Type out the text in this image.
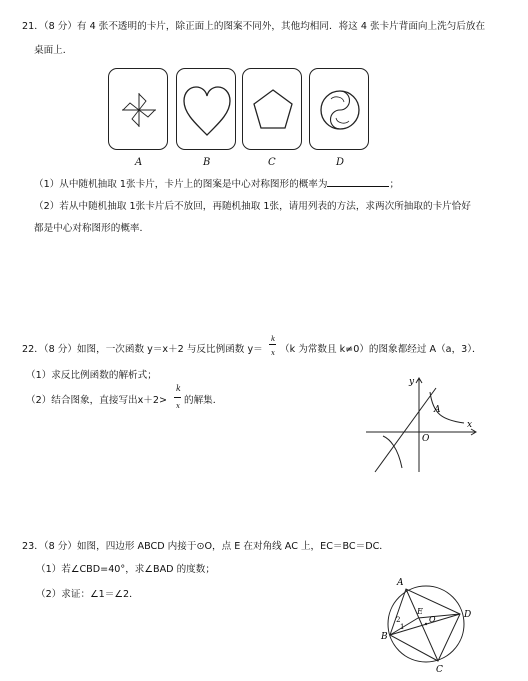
21．（8 分）有 4 张不透明的卡片，除正面上的图案不同外，其他均相同．将这 4 张卡片背面向上洗匀后放在
桌面上．
A	B	C	D
（1）从中随机抽取 1张卡片，卡片上的图案是中心对称图形的概率为	；
（2）若从中随机抽取 1张卡片后不放回，再随机抽取 1张，请用列表的方法，求两次所抽取的卡片恰好
都是中心对称图形的概率．
22．（8 分）如图，一次函数 y＝x＋2 与反比例函数 y＝
k
x （k 为常数且 k≠0）的图象都经过 A（a，3）．
（1）求反比例函数的解析式；
（2）结合图象，直接写出x＋2>
k
x 的解集．
y
x
A
O
23．（8 分）如图，四边形 ABCD 内接于⊙O，点 E 在对角线 AC 上，EC＝BC＝DC．
（1）若∠CBD=40°，求∠BAD 的度数；
（2）求证：∠1＝∠2．
A
B
C
D
E
O
1
2
